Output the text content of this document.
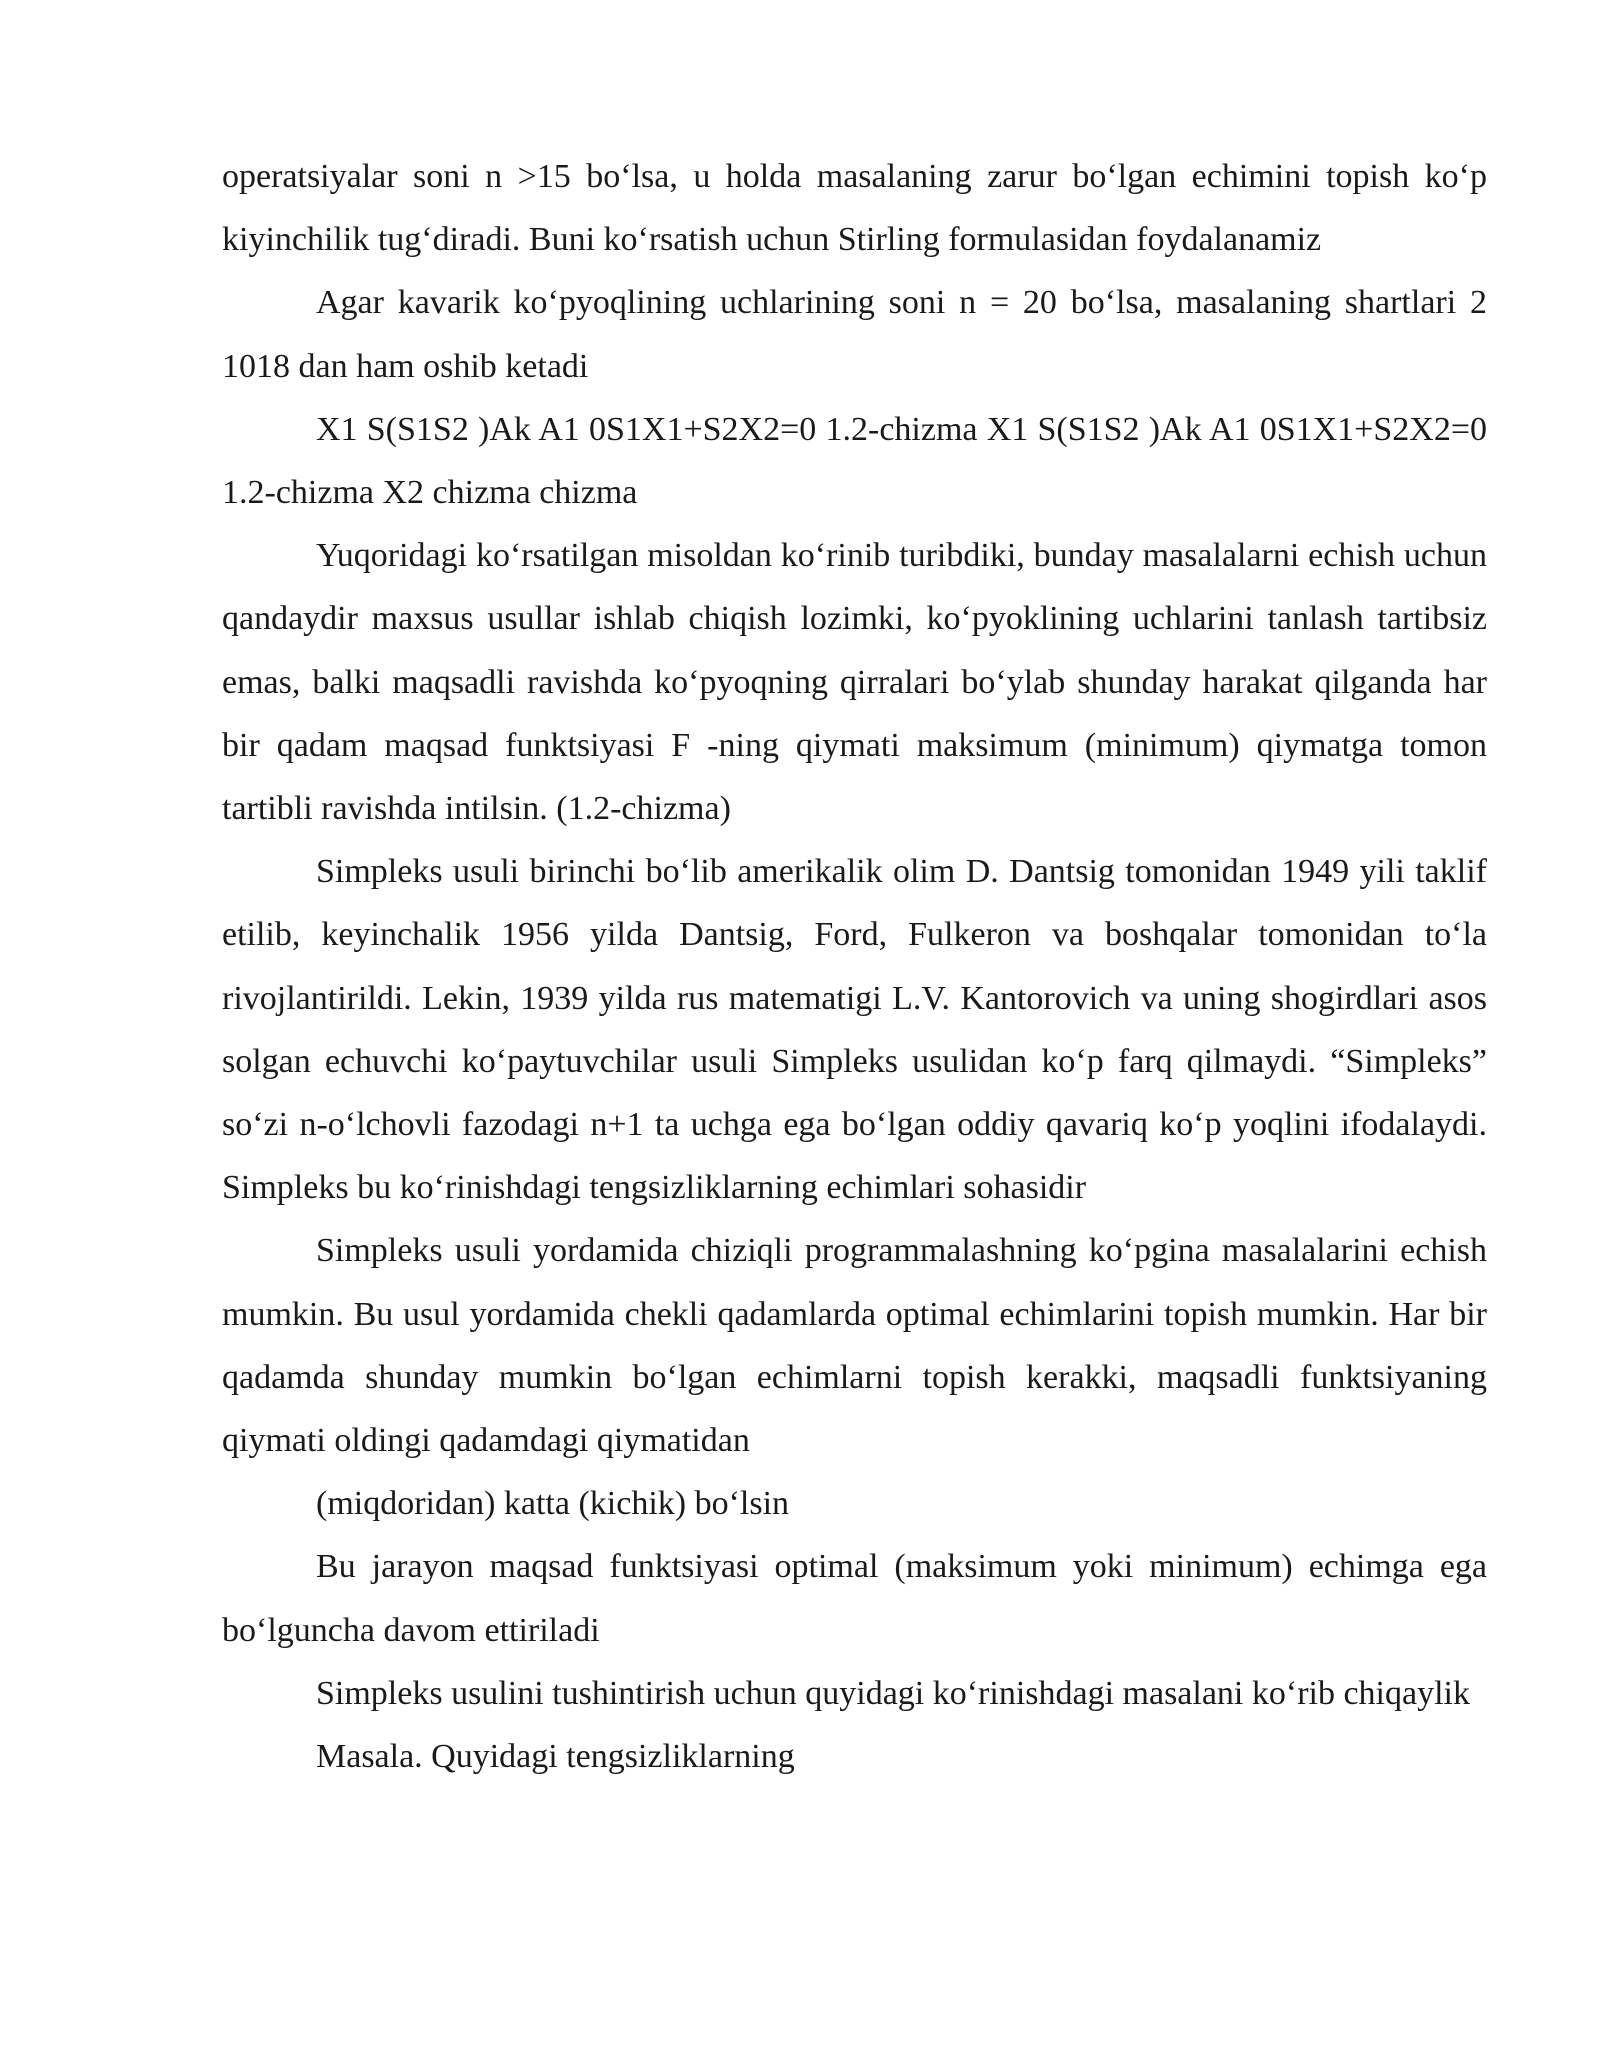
operatsiyalar soni n >15 bo‘lsa, u holda masalaning zarur bo‘lgan echimini topish ko‘p kiyinchilik tug‘diradi. Buni ko‘rsatish uchun Stirling formulasidan foydalanamiz

Agar kavarik ko‘pyoqlining uchlarining soni n = 20 bo‘lsa, masalaning shartlari 2 1018 dan ham oshib ketadi

X1 S(S1S2 )Ak A1 0S1X1+S2X2=0 1.2-chizma X1 S(S1S2 )Ak A1 0S1X1+S2X2=0 1.2-chizma X2 chizma chizma

Yuqoridagi ko‘rsatilgan misoldan ko‘rinib turibdiki, bunday masalalarni echish uchun qandaydir maxsus usullar ishlab chiqish lozimki, ko‘pyoklining uchlarini tanlash tartibsiz emas, balki maqsadli ravishda ko‘pyoqning qirralari bo‘ylab shunday harakat qilganda har bir qadam maqsad funktsiyasi F -ning qiymati maksimum (minimum) qiymatga tomon tartibli ravishda intilsin. (1.2-chizma)

Simpleks usuli birinchi bo‘lib amerikalik olim D. Dantsig tomonidan 1949 yili taklif etilib, keyinchalik 1956 yilda Dantsig, Ford, Fulkeron va boshqalar tomonidan to‘la rivojlantirildi. Lekin, 1939 yilda rus matematigi L.V. Kantorovich va uning shogirdlari asos solgan echuvchi ko‘paytuvchilar usuli Simpleks usulidan ko‘p farq qilmaydi. “Simpleks” so‘zi n-o‘lchovli fazodagi n+1 ta uchga ega bo‘lgan oddiy qavariq ko‘p yoqlini ifodalaydi. Simpleks bu ko‘rinishdagi tengsizliklarning echimlari sohasidir

Simpleks usuli yordamida chiziqli programmalashning ko‘pgina masalalarini echish mumkin. Bu usul yordamida chekli qadamlarda optimal echimlarini topish mumkin. Har bir qadamda shunday mumkin bo‘lgan echimlarni topish kerakki, maqsadli funktsiyaning qiymati oldingi qadamdagi qiymatidan

(miqdoridan) katta (kichik) bo‘lsin

Bu jarayon maqsad funktsiyasi optimal (maksimum yoki minimum) echimga ega bo‘lguncha davom ettiriladi

Simpleks usulini tushintirish uchun quyidagi ko‘rinishdagi masalani ko‘rib chiqaylik

Masala. Quyidagi tengsizliklarning
